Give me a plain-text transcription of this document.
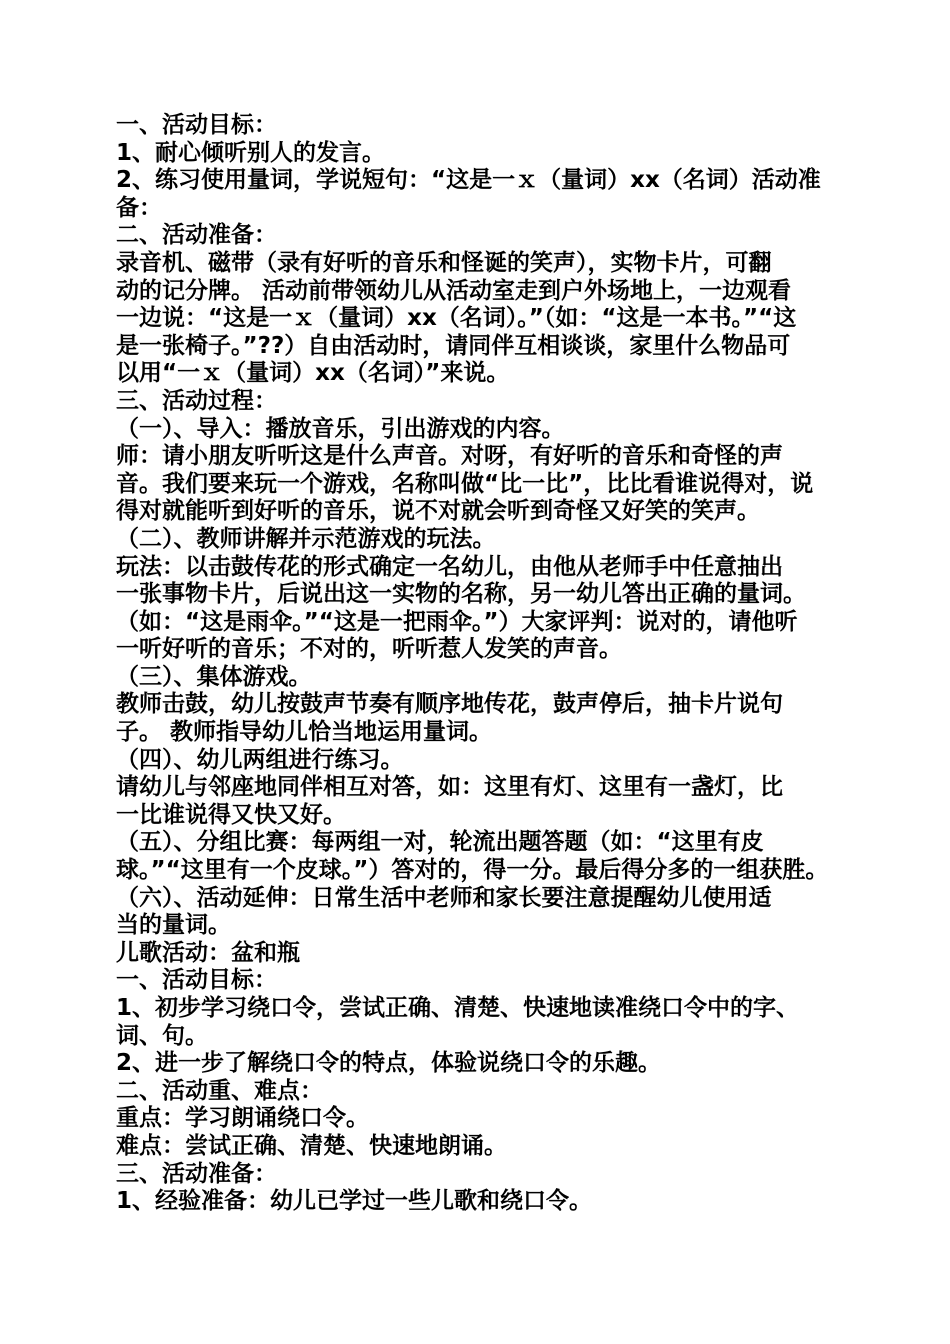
一、活动目标：
1、耐心倾听别人的发言。
2、练习使用量词，学说短句：“这是一ｘ（量词）xx（名词）活动准
备：
二、活动准备：
录音机、磁带（录有好听的音乐和怪诞的笑声），实物卡片，可翻
动的记分牌。 活动前带领幼儿从活动室走到户外场地上，一边观看
一边说：“这是一ｘ（量词）xx（名词）。”（如：“这是一本书。”“这
是一张椅子。”??）自由活动时，请同伴互相谈谈，家里什么物品可
以用“一ｘ（量词）xx（名词）”来说。
三、活动过程：
（一）、导入：播放音乐，引出游戏的内容。
师：请小朋友听听这是什么声音。对呀，有好听的音乐和奇怪的声
音。我们要来玩一个游戏，名称叫做“比一比”，比比看谁说得对，说
得对就能听到好听的音乐，说不对就会听到奇怪又好笑的笑声。
（二）、教师讲解并示范游戏的玩法。
玩法：以击鼓传花的形式确定一名幼儿，由他从老师手中任意抽出
一张事物卡片，后说出这一实物的名称，另一幼儿答出正确的量词。
（如：“这是雨伞。”“这是一把雨伞。”）大家评判：说对的，请他听
一听好听的音乐；不对的，听听惹人发笑的声音。
（三）、集体游戏。
教师击鼓，幼儿按鼓声节奏有顺序地传花，鼓声停后，抽卡片说句
子。 教师指导幼儿恰当地运用量词。
（四）、幼儿两组进行练习。
请幼儿与邻座地同伴相互对答，如：这里有灯、这里有一盏灯，比
一比谁说得又快又好。
（五）、分组比赛：每两组一对，轮流出题答题（如：“这里有皮
球。”“这里有一个皮球。”）答对的，得一分。最后得分多的一组获胜。
（六）、活动延伸：日常生活中老师和家长要注意提醒幼儿使用适
当的量词。
儿歌活动：盆和瓶
一、活动目标：
1、初步学习绕口令，尝试正确、清楚、快速地读准绕口令中的字、
词、句。
2、进一步了解绕口令的特点，体验说绕口令的乐趣。
二、活动重、难点：
重点：学习朗诵绕口令。
难点：尝试正确、清楚、快速地朗诵。
三、活动准备：
1、经验准备：幼儿已学过一些儿歌和绕口令。
